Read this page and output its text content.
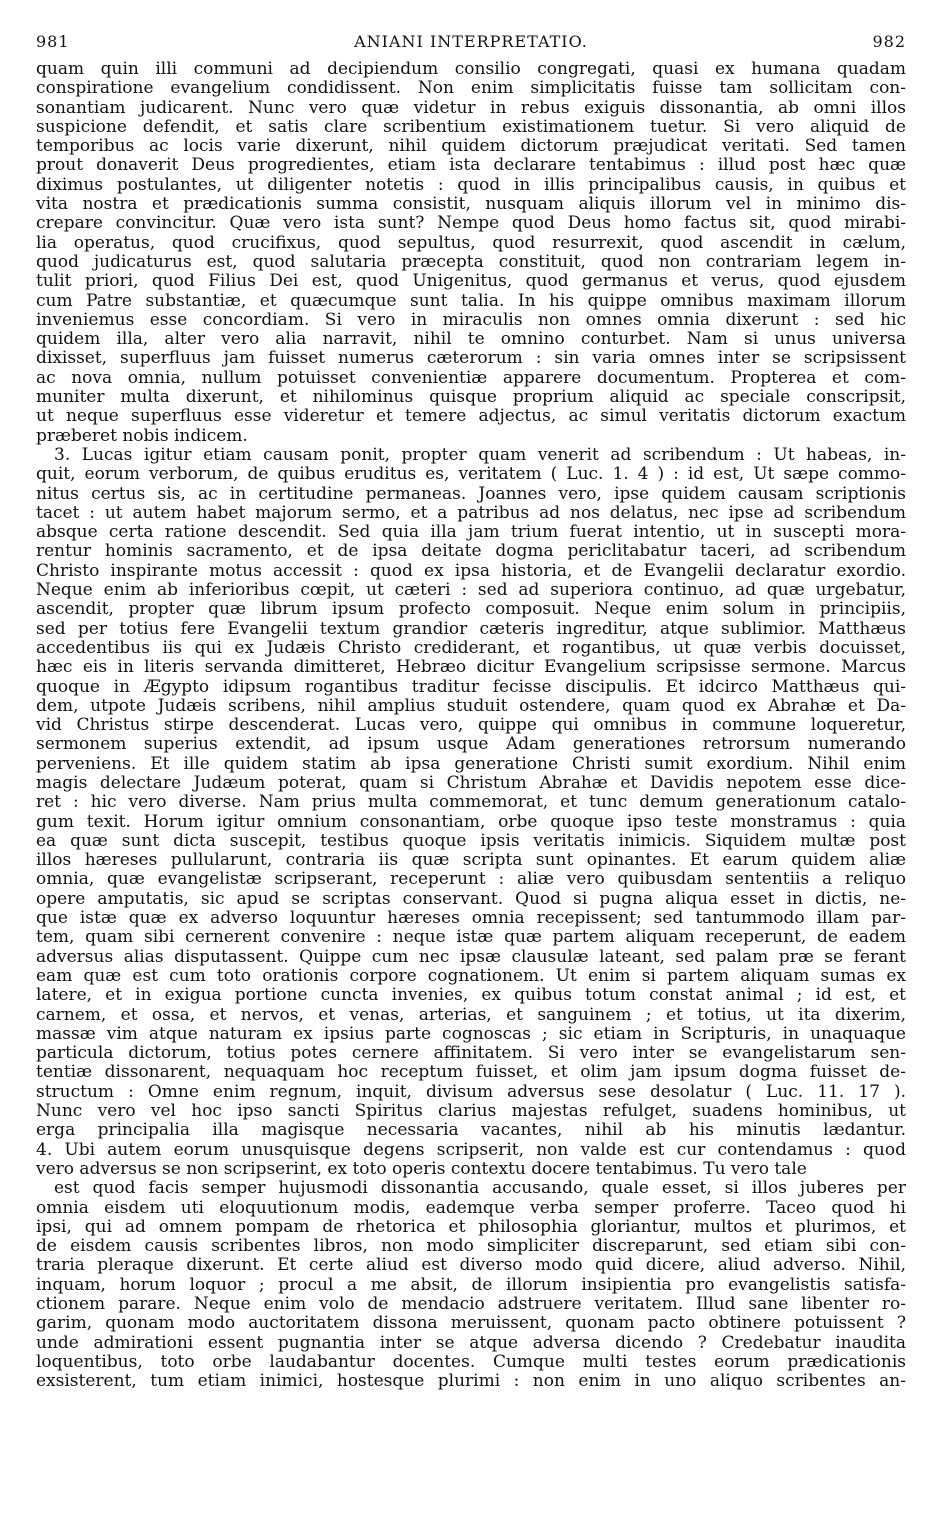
981	ANIANI INTERPRETATIO.	982
quam quin illi communi ad decipiendum consilio congregati, quasi ex humana quadam
conspiratione evangelium condidissent. Non enim simplicitatis fuisse tam sollicitam con-
sonantiam judicarent. Nunc vero quæ videtur in rebus exiguis dissonantia, ab omni illos
suspicione defendit, et satis clare scribentium existimationem tuetur. Si vero aliquid de
temporibus ac locis varie dixerunt, nihil quidem dictorum præjudicat veritati. Sed tamen
prout donaverit Deus progredientes, etiam ista declarare tentabimus : illud post hæc quæ
diximus postulantes, ut diligenter notetis : quod in illis principalibus causis, in quibus et
vita nostra et prædicationis summa consistit, nusquam aliquis illorum vel in minimo dis-
crepare convincitur. Quæ vero ista sunt? Nempe quod Deus homo factus sit, quod mirabi-
lia operatus, quod crucifixus, quod sepultus, quod resurrexit, quod ascendit in cælum,
quod judicaturus est, quod salutaria præcepta constituit, quod non contrariam legem in-
tulit priori, quod Filius Dei est, quod Unigenitus, quod germanus et verus, quod ejusdem
cum Patre substantiæ, et quæcumque sunt talia. In his quippe omnibus maximam illorum
inveniemus esse concordiam. Si vero in miraculis non omnes omnia dixerunt : sed hic
quidem illa, alter vero alia narravit, nihil te omnino conturbet. Nam si unus universa
dixisset, superfluus jam fuisset numerus cæterorum : sin varia omnes inter se scripsissent
ac nova omnia, nullum potuisset convenientiæ apparere documentum. Propterea et com-
muniter multa dixerunt, et nihilominus quisque proprium aliquid ac speciale conscripsit,
ut neque superfluus esse videretur et temere adjectus, ac simul veritatis dictorum exactum
præberet nobis indicem.
3. Lucas igitur etiam causam ponit, propter quam venerit ad scribendum : Ut habeas, in-
quit, eorum verborum, de quibus eruditus es, veritatem ( Luc. 1. 4 ) : id est, Ut sæpe commo-
nitus certus sis, ac in certitudine permaneas. Joannes vero, ipse quidem causam scriptionis
tacet : ut autem habet majorum sermo, et a patribus ad nos delatus, nec ipse ad scribendum
absque certa ratione descendit. Sed quia illa jam trium fuerat intentio, ut in suscepti mora-
rentur hominis sacramento, et de ipsa deitate dogma periclitabatur taceri, ad scribendum
Christo inspirante motus accessit : quod ex ipsa historia, et de Evangelii declaratur exordio.
Neque enim ab inferioribus cœpit, ut cæteri : sed ad superiora continuo, ad quæ urgebatur,
ascendit, propter quæ librum ipsum profecto composuit. Neque enim solum in principiis,
sed per totius fere Evangelii textum grandior cæteris ingreditur, atque sublimior. Matthæus
accedentibus iis qui ex Judæis Christo crediderant, et rogantibus, ut quæ verbis docuisset,
hæc eis in literis servanda dimitteret, Hebræo dicitur Evangelium scripsisse sermone. Marcus
quoque in Ægypto idipsum rogantibus traditur fecisse discipulis. Et idcirco Matthæus qui-
dem, utpote Judæis scribens, nihil amplius studuit ostendere, quam quod ex Abrahæ et Da-
vid Christus stirpe descenderat. Lucas vero, quippe qui omnibus in commune loqueretur,
sermonem superius extendit, ad ipsum usque Adam generationes retrorsum numerando
perveniens. Et ille quidem statim ab ipsa generatione Christi sumit exordium. Nihil enim
magis delectare Judæum poterat, quam si Christum Abrahæ et Davidis nepotem esse dice-
ret : hic vero diverse. Nam prius multa commemorat, et tunc demum generationum catalo-
gum texit. Horum igitur omnium consonantiam, orbe quoque ipso teste monstramus : quia
ea quæ sunt dicta suscepit, testibus quoque ipsis veritatis inimicis. Siquidem multæ post
illos hæreses pullularunt, contraria iis quæ scripta sunt opinantes. Et earum quidem aliæ
omnia, quæ evangelistæ scripserant, receperunt : aliæ vero quibusdam sententiis a reliquo
opere amputatis, sic apud se scriptas conservant. Quod si pugna aliqua esset in dictis, ne-
que istæ quæ ex adverso loquuntur hæreses omnia recepissent; sed tantummodo illam par-
tem, quam sibi cernerent convenire : neque istæ quæ partem aliquam receperunt, de eadem
adversus alias disputassent. Quippe cum nec ipsæ clausulæ lateant, sed palam præ se ferant
eam quæ est cum toto orationis corpore cognationem. Ut enim si partem aliquam sumas ex
latere, et in exigua portione cuncta invenies, ex quibus totum constat animal ; id est, et
carnem, et ossa, et nervos, et venas, arterias, et sanguinem ; et totius, ut ita dixerim,
massæ vim atque naturam ex ipsius parte cognoscas ; sic etiam in Scripturis, in unaquaque
particula dictorum, totius potes cernere affinitatem. Si vero inter se evangelistarum sen-
tentiæ dissonarent, nequaquam hoc receptum fuisset, et olim jam ipsum dogma fuisset de-
structum : Omne enim regnum, inquit, divisum adversus sese desolatur ( Luc. 11. 17 ).
Nunc vero vel hoc ipso sancti Spiritus clarius majestas refulget, suadens hominibus, ut
erga principalia illa magisque necessaria vacantes, nihil ab his minutis lædantur.
4. Ubi autem eorum unusquisque degens scripserit, non valde est cur contendamus : quod
vero adversus se non scripserint, ex toto operis contextu docere tentabimus. Tu vero tale
est quod facis semper hujusmodi dissonantia accusando, quale esset, si illos juberes per
omnia eisdem uti eloquutionum modis, eademque verba semper proferre. Taceo quod hi
ipsi, qui ad omnem pompam de rhetorica et philosophia gloriantur, multos et plurimos, et
de eisdem causis scribentes libros, non modo simpliciter discreparunt, sed etiam sibi con-
traria pleraque dixerunt. Et certe aliud est diverso modo quid dicere, aliud adverso. Nihil,
inquam, horum loquor ; procul a me absit, de illorum insipientia pro evangelistis satisfa-
ctionem parare. Neque enim volo de mendacio adstruere veritatem. Illud sane libenter ro-
garim, quonam modo auctoritatem dissona meruissent, quonam pacto obtinere potuissent ?
unde admirationi essent pugnantia inter se atque adversa dicendo ? Credebatur inaudita
loquentibus, toto orbe laudabantur docentes. Cumque multi testes eorum prædicationis
exsisterent, tum etiam inimici, hostesque plurimi : non enim in uno aliquo scribentes an-
